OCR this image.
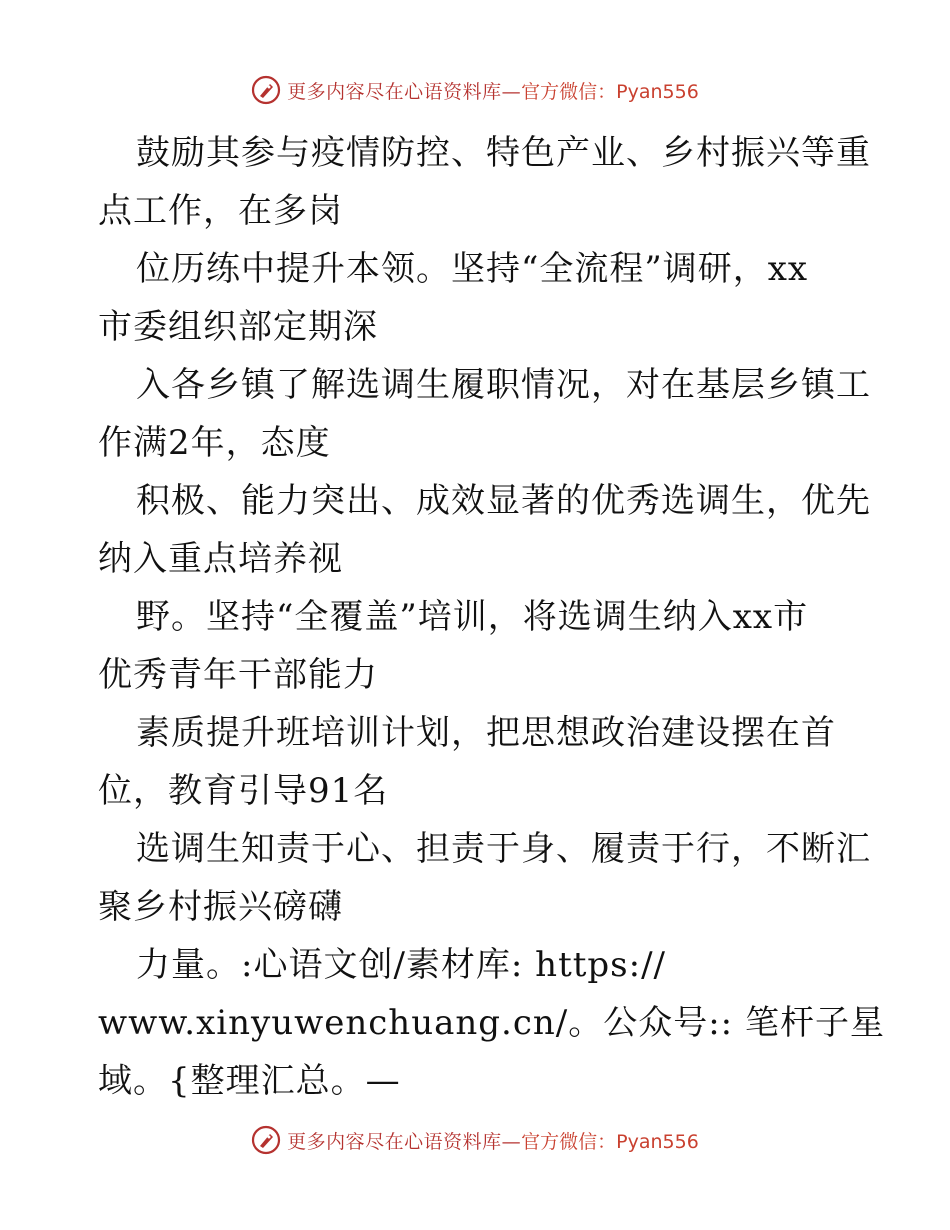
更多内容尽在心语资料库— 官方微信：Pyan556
鼓励其参与疫情防控、特色产业、乡村振兴等重
点工作，在多岗
位历练中提升本领。坚持“全流程”调研，xx
市委组织部定期深
入各乡镇了解选调生履职情况，对在基层乡镇工
作满2年，态度
积极、能力突出、成效显著的优秀选调生，优先
纳入重点培养视
野。坚持“全覆盖”培训，将选调生纳入xx市
优秀青年干部能力
素质提升班培训计划，把思想政治建设摆在首
位，教育引导91名
选调生知责于心、担责于身、履责于行，不断汇
聚乡村振兴磅礴
力量。:心语文创/素材库: https://
www.xinyuwenchuang.cn/。公众号:: 笔杆子星
域。{整理汇总。—
更多内容尽在心语资料库— 官方微信：Pyan556
